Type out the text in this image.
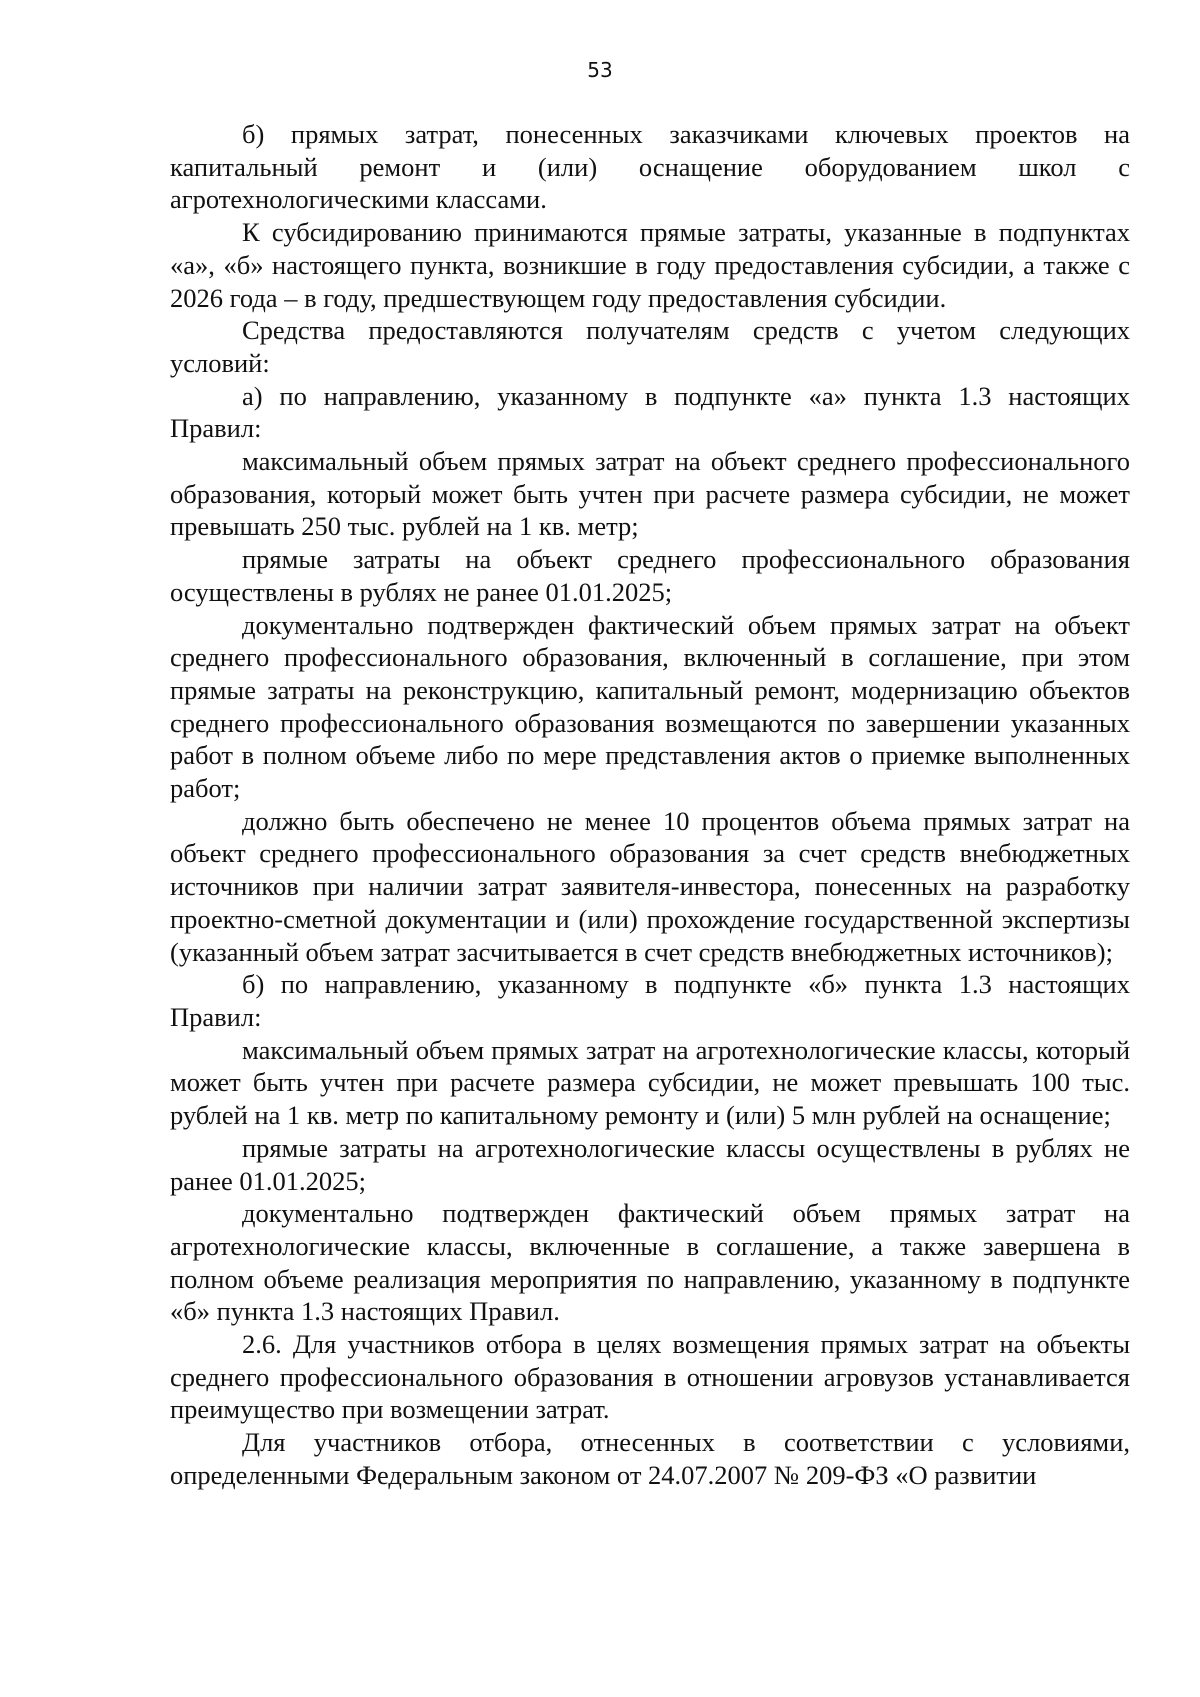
53

б) прямых затрат, понесенных заказчиками ключевых проектов на капитальный ремонт и (или) оснащение оборудованием школ с агротехнологическими классами.

К субсидированию принимаются прямые затраты, указанные в подпунктах «а», «б» настоящего пункта, возникшие в году предоставления субсидии, а также с 2026 года – в году, предшествующем году предоставления субсидии.

Средства предоставляются получателям средств с учетом следующих условий:

а) по направлению, указанному в подпункте «а» пункта 1.3 настоящих Правил:

максимальный объем прямых затрат на объект среднего профессионального образования, который может быть учтен при расчете размера субсидии, не может превышать 250 тыс. рублей на 1 кв. метр;

прямые затраты на объект среднего профессионального образования осуществлены в рублях не ранее 01.01.2025;

документально подтвержден фактический объем прямых затрат на объект среднего профессионального образования, включенный в соглашение, при этом прямые затраты на реконструкцию, капитальный ремонт, модернизацию объектов среднего профессионального образования возмещаются по завершении указанных работ в полном объеме либо по мере представления актов о приемке выполненных работ;

должно быть обеспечено не менее 10 процентов объема прямых затрат на объект среднего профессионального образования за счет средств внебюджетных источников при наличии затрат заявителя-инвестора, понесенных на разработку проектно-сметной документации и (или) прохождение государственной экспертизы (указанный объем затрат засчитывается в счет средств внебюджетных источников);

б) по направлению, указанному в подпункте «б» пункта 1.3 настоящих Правил:

максимальный объем прямых затрат на агротехнологические классы, который может быть учтен при расчете размера субсидии, не может превышать 100 тыс. рублей на 1 кв. метр по капитальному ремонту и (или) 5 млн рублей на оснащение;

прямые затраты на агротехнологические классы осуществлены в рублях не ранее 01.01.2025;

документально подтвержден фактический объем прямых затрат на агротехнологические классы, включенные в соглашение, а также завершена в полном объеме реализация мероприятия по направлению, указанному в подпункте «б» пункта 1.3 настоящих Правил.

2.6. Для участников отбора в целях возмещения прямых затрат на объекты среднего профессионального образования в отношении агровузов устанавливается преимущество при возмещении затрат.

Для участников отбора, отнесенных в соответствии с условиями, определенными Федеральным законом от 24.07.2007 № 209-ФЗ «О развитии
